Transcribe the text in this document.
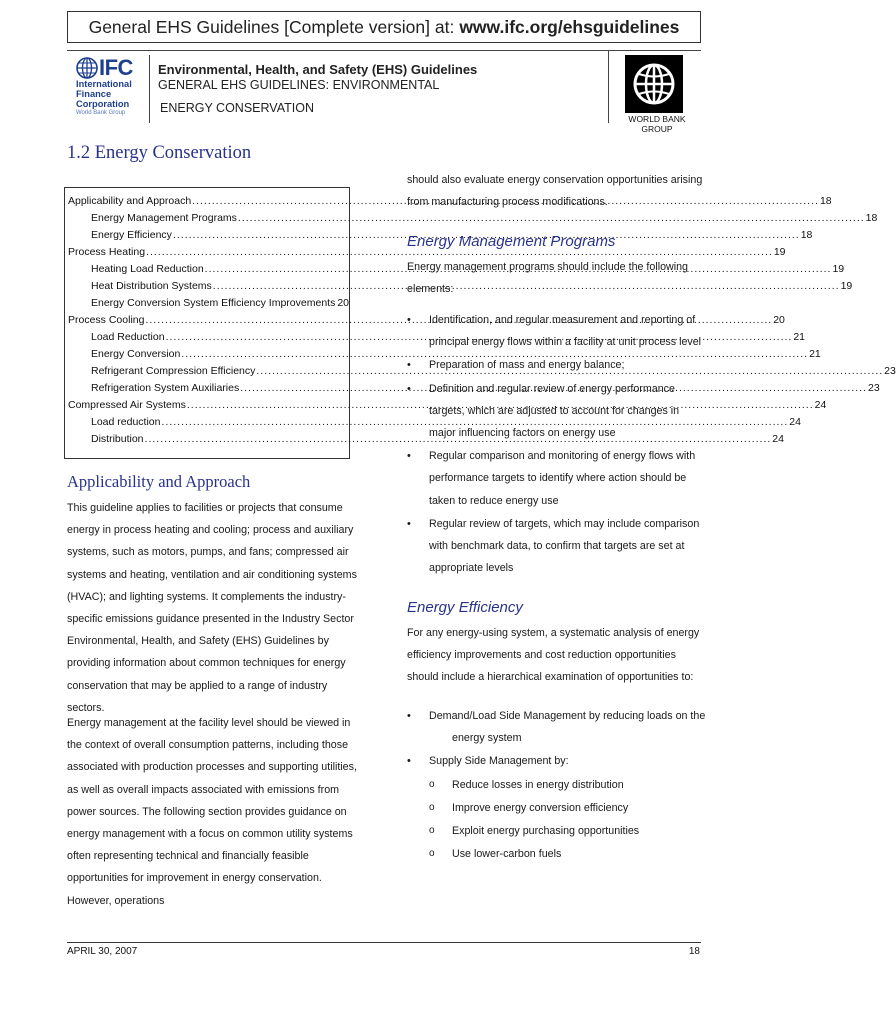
General EHS Guidelines [Complete version] at: www.ifc.org/ehsguidelines
IFC
International
Finance
Corporation
World Bank Group
Environmental, Health, and Safety (EHS) Guidelines
GENERAL EHS GUIDELINES: ENVIRONMENTAL
ENERGY CONSERVATION
WORLD BANK GROUP
1.2 Energy Conservation
Applicability and Approach .....	18
Energy Management Programs .....	18
Energy Efficiency .....	18
Process Heating .....	19
Heating Load Reduction .....	19
Heat Distribution Systems .....	19
Energy Conversion System Efficiency Improvements 20
Process Cooling .....	20
Load Reduction .....	21
Energy Conversion .....	21
Refrigerant Compression Efficiency .....	23
Refrigeration System Auxiliaries .....	23
Compressed Air Systems .....	24
Load reduction .....	24
Distribution .....	24
Applicability and Approach

This guideline applies to facilities or projects that consume energy in process heating and cooling; process and auxiliary systems, such as motors, pumps, and fans; compressed air systems and heating, ventilation and air conditioning systems (HVAC); and lighting systems. It complements the industry-specific emissions guidance presented in the Industry Sector Environmental, Health, and Safety (EHS) Guidelines by providing information about common techniques for energy conservation that may be applied to a range of industry sectors.

Energy management at the facility level should be viewed in the context of overall consumption patterns, including those associated with production processes and supporting utilities, as well as overall impacts associated with emissions from power sources. The following section provides guidance on energy management with a focus on common utility systems often representing technical and financially feasible opportunities for improvement in energy conservation. However, operations

should also evaluate energy conservation opportunities arising from manufacturing process modifications.

Energy Management Programs

Energy management programs should include the following elements:

• Identification, and regular measurement and reporting of principal energy flows within a facility at unit process level
• Preparation of mass and energy balance;
• Definition and regular review of energy performance targets, which are adjusted to account for changes in major influencing factors on energy use
• Regular comparison and monitoring of energy flows with performance targets to identify where action should be taken to reduce energy use
• Regular review of targets, which may include comparison with benchmark data, to confirm that targets are set at appropriate levels
Energy Efficiency

For any energy-using system, a systematic analysis of energy efficiency improvements and cost reduction opportunities should include a hierarchical examination of opportunities to:

• Demand/Load Side Management by reducing loads on the
energy system
• Supply Side Management by:
o Reduce losses in energy distribution
o Improve energy conversion efficiency
o Exploit energy purchasing opportunities
o Use lower-carbon fuels
APRIL 30, 2007	18
